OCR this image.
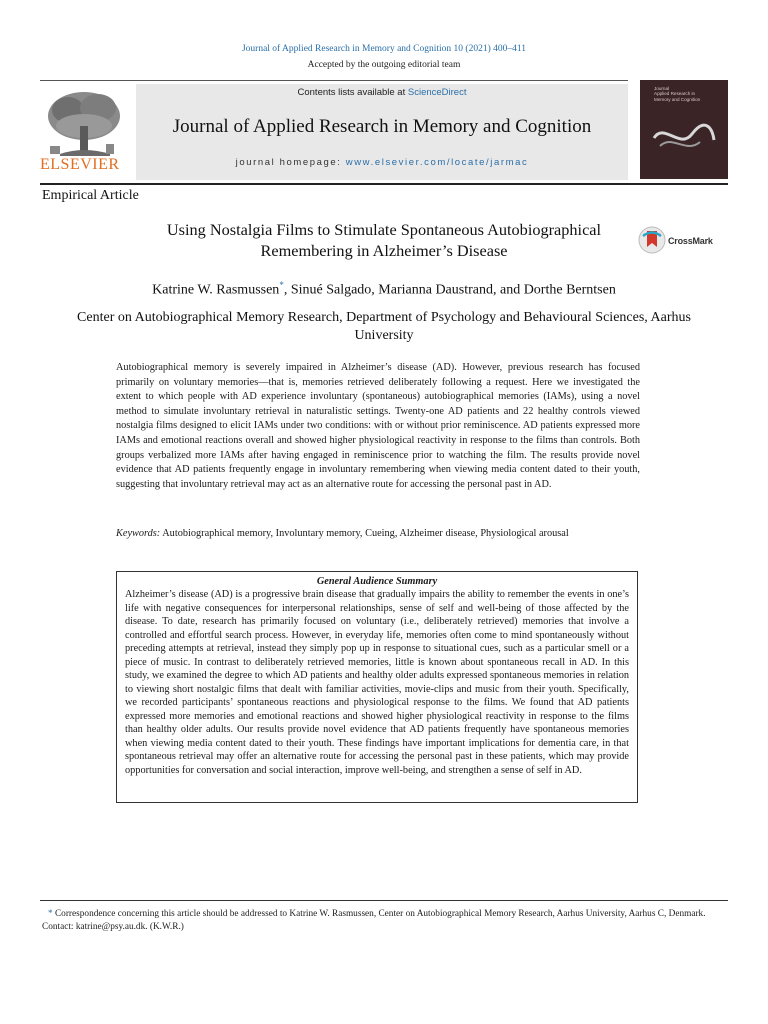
Journal of Applied Research in Memory and Cognition 10 (2021) 400–411
Accepted by the outgoing editorial team
Contents lists available at ScienceDirect
Journal of Applied Research in Memory and Cognition
journal homepage: www.elsevier.com/locate/jarmac
ELSEVIER
Journal
Applied Research in
Memory and Cognition
Empirical Article
Using Nostalgia Films to Stimulate Spontaneous Autobiographical
Remembering in Alzheimer’s Disease	CrossMark
Katrine W. Rasmussen*, Sinué Salgado, Marianna Daustrand, and Dorthe Berntsen
Center on Autobiographical Memory Research, Department of Psychology and Behavioural Sciences, Aarhus University
Autobiographical memory is severely impaired in Alzheimer’s disease (AD). However, previous research has focused primarily on voluntary memories—that is, memories retrieved deliberately following a request. Here we investigated the extent to which people with AD experience involuntary (spontaneous) autobiographical memories (IAMs), using a novel method to simulate involuntary retrieval in naturalistic settings. Twenty-one AD patients and 22 healthy controls viewed nostalgia films designed to elicit IAMs under two conditions: with or without prior reminiscence. AD patients expressed more IAMs and emotional reactions overall and showed higher physiological reactivity in response to the films than controls. Both groups verbalized more IAMs after having engaged in reminiscence prior to watching the film. The results provide novel evidence that AD patients frequently engage in involuntary remembering when viewing media content dated to their youth, suggesting that involuntary retrieval may act as an alternative route for accessing the personal past in AD.
Keywords: Autobiographical memory, Involuntary memory, Cueing, Alzheimer disease, Physiological arousal
General Audience Summary
Alzheimer’s disease (AD) is a progressive brain disease that gradually impairs the ability to remember the events in one’s life with negative consequences for interpersonal relationships, sense of self and well-being of those affected by the disease. To date, research has primarily focused on voluntary (i.e., deliberately retrieved) memories that involve a controlled and effortful search process. However, in everyday life, memories often come to mind spontaneously without preceding attempts at retrieval, instead they simply pop up in response to situational cues, such as a particular smell or a piece of music. In contrast to deliberately retrieved memories, little is known about spontaneous recall in AD. In this study, we examined the degree to which AD patients and healthy older adults expressed spontaneous memories in relation to viewing short nostalgic films that dealt with familiar activities, movie-clips and music from their youth. Specifically, we recorded participants’ spontaneous reactions and physiological response to the films. We found that AD patients expressed more memories and emotional reactions and showed higher physiological reactivity in response to the films than healthy older adults. Our results provide novel evidence that AD patients frequently have spontaneous memories when viewing media content dated to their youth. These findings have important implications for dementia care, in that spontaneous retrieval may offer an alternative route for accessing the personal past in these patients, which may provide opportunities for conversation and social interaction, improve well-being, and strengthen a sense of self in AD.
* Correspondence concerning this article should be addressed to Katrine W. Rasmussen, Center on Autobiographical Memory Research, Aarhus University, Aarhus C, Denmark. Contact: katrine@psy.au.dk. (K.W.R.)
